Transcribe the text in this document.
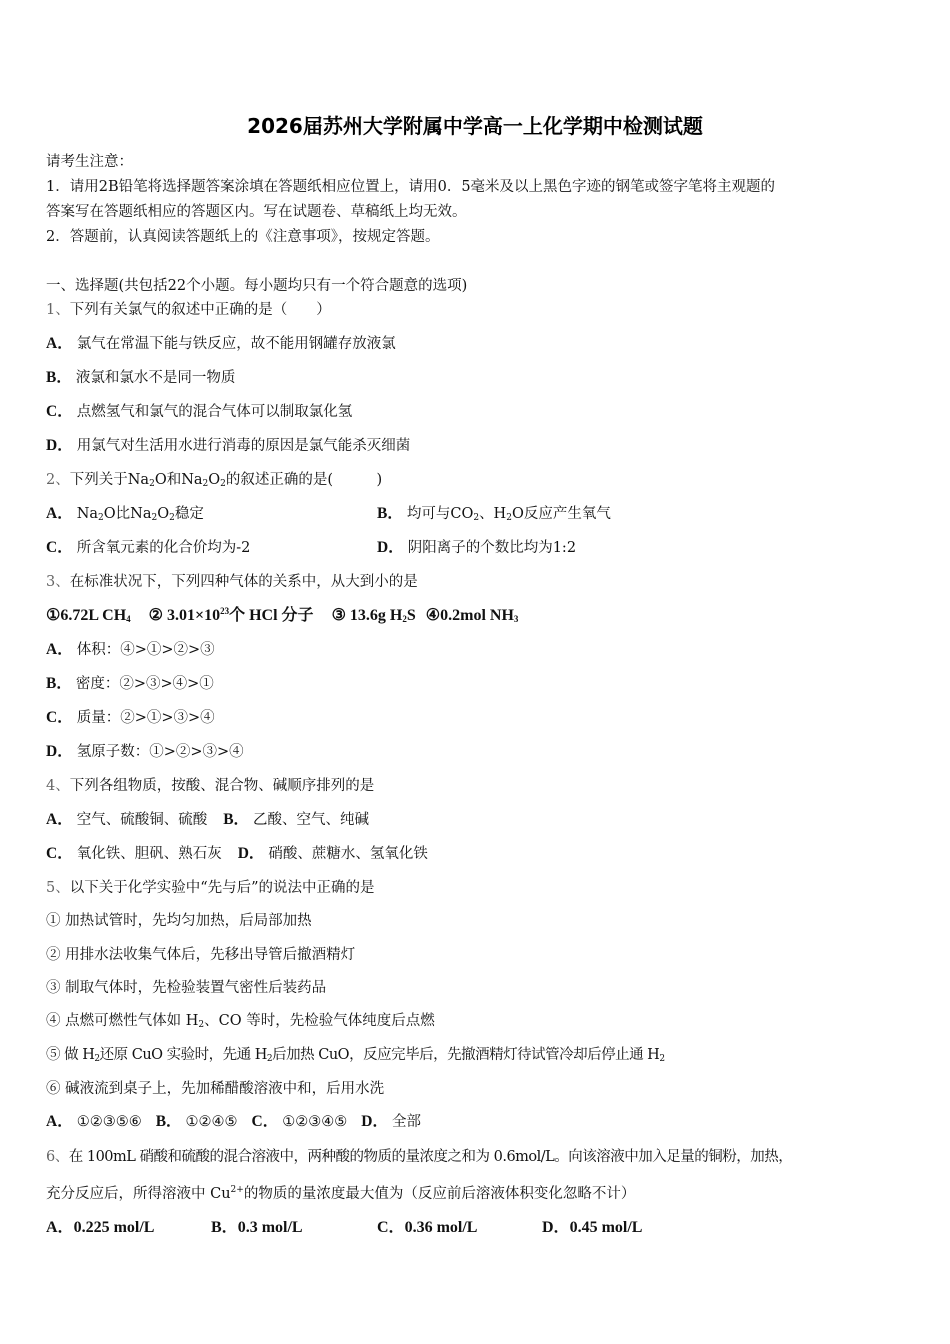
2026届苏州大学附属中学高一上化学期中检测试题
请考生注意：
1．请用2B铅笔将选择题答案涂填在答题纸相应位置上，请用0．5毫米及以上黑色字迹的钢笔或签字笔将主观题的
答案写在答题纸相应的答题区内。写在试题卷、草稿纸上均无效。
2．答题前，认真阅读答题纸上的《注意事项》，按规定答题。
一、选择题(共包括22个小题。每小题均只有一个符合题意的选项)
1、下列有关氯气的叙述中正确的是（　　）
A． 氯气在常温下能与铁反应，故不能用钢罐存放液氯
B． 液氯和氯水不是同一物质
C． 点燃氢气和氯气的混合气体可以制取氯化氢
D． 用氯气对生活用水进行消毒的原因是氯气能杀灭细菌
2、下列关于$Na_2O$和$Na_2O_2$的叙述正确的是(　　　)
A． $Na_2O$比$Na_2O_2$稳定	B． 均可与$CO_2$、$H_2O$反应产生氧气
C． 所含氧元素的化合价均为-2	D． 阴阳离子的个数比均为1:2
3、在标准状况下，下列四种气体的关系中，从大到小的是
①6.72L $CH_4$ ② $3.01\times 10^{23}$个 HCl 分子 ③ 13.6g $H_2S$ ④0.2mol $NH_3$
A． 体积：④>①>②>③
B． 密度：②>③>④>①
C． 质量：②>①>③>④
D． 氢原子数：①>②>③>④
4、下列各组物质，按酸、混合物、碱顺序排列的是
A． 空气、硫酸铜、硫酸 B． 乙酸、空气、纯碱
C． 氧化铁、胆矾、熟石灰 D． 硝酸、蔗糖水、氢氧化铁
5、以下关于化学实验中“先与后”的说法中正确的是
① 加热试管时，先均匀加热，后局部加热
② 用排水法收集气体后，先移出导管后撤酒精灯
③ 制取气体时，先检验装置气密性后装药品
④ 点燃可燃性气体如 $H_2$、CO 等时，先检验气体纯度后点燃
⑤ 做 $H_2$还原 CuO 实验时，先通 $H_2$后加热 CuO，反应完毕后，先撤酒精灯待试管冷却后停止通 $H_2$
⑥ 碱液流到桌子上，先加稀醋酸溶液中和，后用水洗
A． ①②③⑤⑥ B． ①②④⑤ C． ①②③④⑤ D． 全部
6、在 100mL 硝酸和硫酸的混合溶液中，两种酸的物质的量浓度之和为 0.6mol/L。向该溶液中加入足量的铜粉，加热，
充分反应后，所得溶液中 $Cu^{2+}$的物质的量浓度最大值为（反应前后溶液体积变化忽略不计）
A．0.225 mol/L	B．0.3 mol/L	C．0.36 mol/L	D．0.45 mol/L
